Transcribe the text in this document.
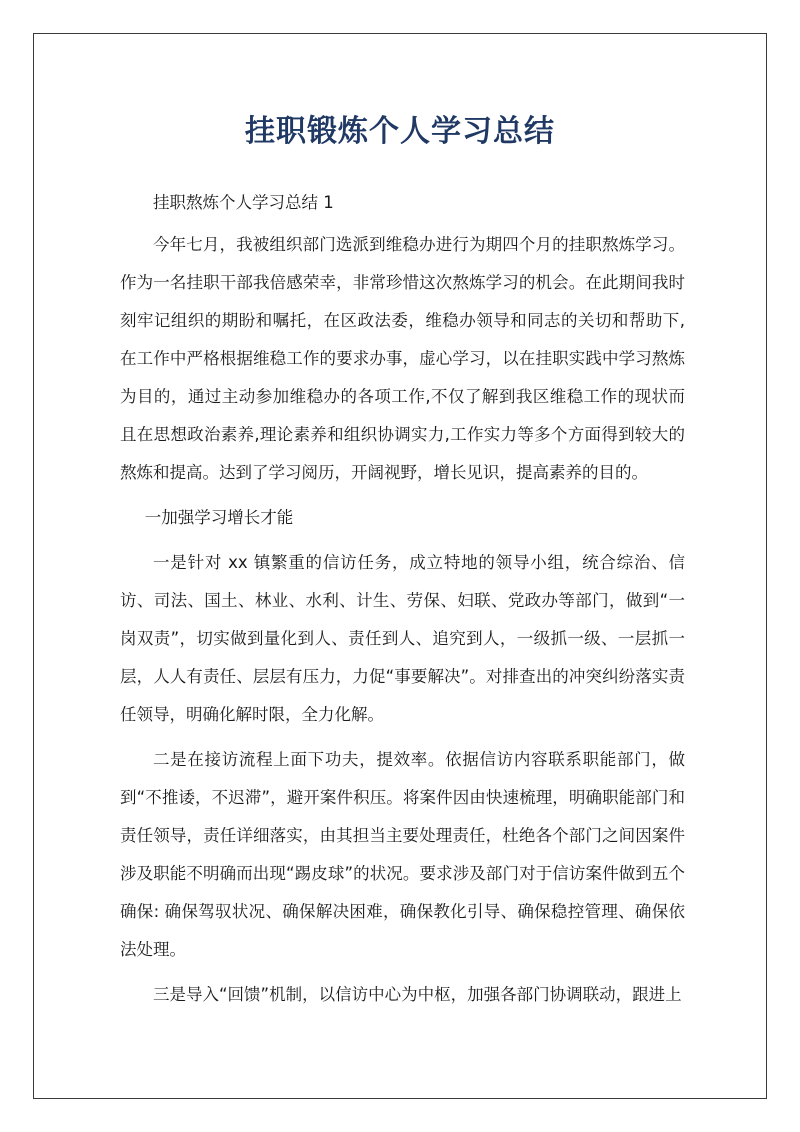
挂职锻炼个人学习总结

挂职熬炼个人学习总结 1

今年七月，我被组织部门选派到维稳办进行为期四个月的挂职熬炼学习。作为一名挂职干部我倍感荣幸，非常珍惜这次熬炼学习的机会。在此期间我时刻牢记组织的期盼和嘱托，在区政法委，维稳办领导和同志的关切和帮助下,在工作中严格根据维稳工作的要求办事，虚心学习，以在挂职实践中学习熬炼为目的，通过主动参加维稳办的各项工作,不仅了解到我区维稳工作的现状而且在思想政治素养,理论素养和组织协调实力,工作实力等多个方面得到较大的熬炼和提高。达到了学习阅历，开阔视野，增长见识，提高素养的目的。

一加强学习增长才能

一是针对 xx 镇繁重的信访任务，成立特地的领导小组，统合综治、信访、司法、国土、林业、水利、计生、劳保、妇联、党政办等部门，做到“一岗双责”，切实做到量化到人、责任到人、追究到人，一级抓一级、一层抓一层，人人有责任、层层有压力，力促“事要解决”。对排查出的冲突纠纷落实责任领导，明确化解时限，全力化解。

二是在接访流程上面下功夫，提效率。依据信访内容联系职能部门，做到“不推诿，不迟滞”，避开案件积压。将案件因由快速梳理，明确职能部门和责任领导，责任详细落实，由其担当主要处理责任，杜绝各个部门之间因案件涉及职能不明确而出现“踢皮球”的状况。要求涉及部门对于信访案件做到五个确保: 确保驾驭状况、确保解决困难，确保教化引导、确保稳控管理、确保依法处理。

三是导入“回馈”机制，以信访中心为中枢，加强各部门协调联动，跟进上
